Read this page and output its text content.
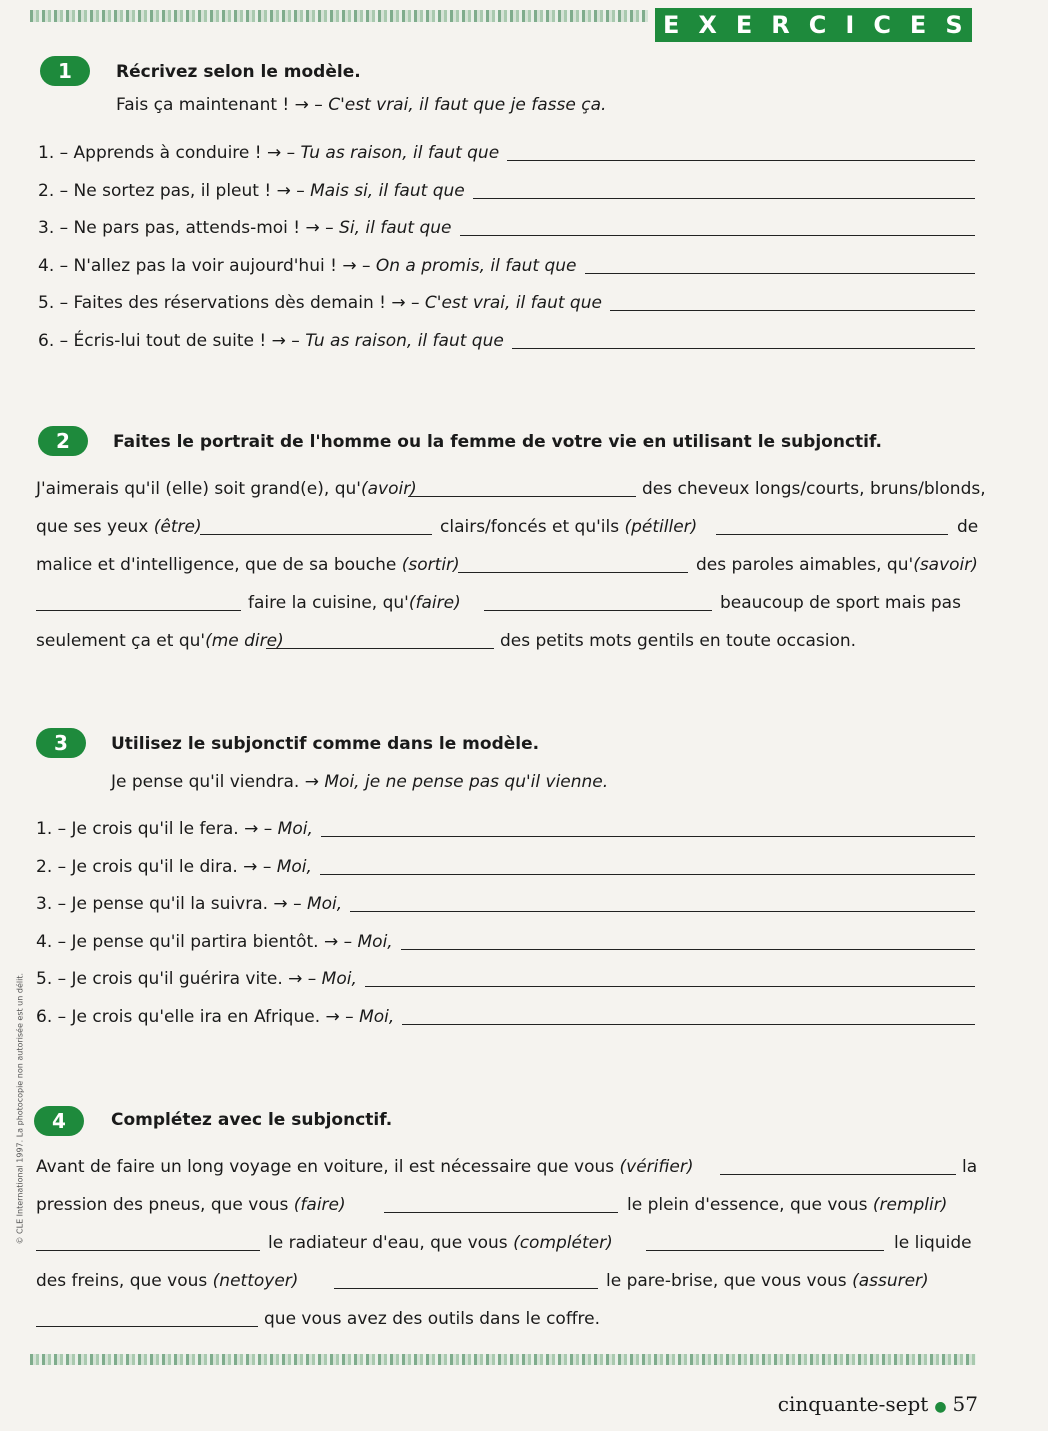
EXERCICES
1	Récrivez selon le modèle.
Fais ça maintenant ! → – C'est vrai, il faut que je fasse ça.
1. – Apprends à conduire ! → – Tu as raison, il faut que
2. – Ne sortez pas, il pleut ! → – Mais si, il faut que
3. – Ne pars pas, attends-moi ! → – Si, il faut que
4. – N'allez pas la voir aujourd'hui ! → – On a promis, il faut que
5. – Faites des réservations dès demain ! → – C'est vrai, il faut que
6. – Écris-lui tout de suite ! → – Tu as raison, il faut que
2	Faites le portrait de l'homme ou la femme de votre vie en utilisant le subjonctif.
J'aimerais qu'il (elle) soit grand(e), qu'(avoir)	des cheveux longs/courts, bruns/blonds,
que ses yeux (être)	clairs/foncés et qu'ils (pétiller)	de
malice et d'intelligence, que de sa bouche (sortir)	des paroles aimables, qu'(savoir)
faire la cuisine, qu'(faire)	beaucoup de sport mais pas
seulement ça et qu'(me dire)	des petits mots gentils en toute occasion.
3	Utilisez le subjonctif comme dans le modèle.
Je pense qu'il viendra. → Moi, je ne pense pas qu'il vienne.
1. – Je crois qu'il le fera. → – Moi,
2. – Je crois qu'il le dira. → – Moi,
3. – Je pense qu'il la suivra. → – Moi,
4. – Je pense qu'il partira bientôt. → – Moi,
5. – Je crois qu'il guérira vite. → – Moi,
6. – Je crois qu'elle ira en Afrique. → – Moi,
4	Complétez avec le subjonctif.
Avant de faire un long voyage en voiture, il est nécessaire que vous (vérifier)	la
pression des pneus, que vous (faire)	le plein d'essence, que vous (remplir)
le radiateur d'eau, que vous (compléter)	le liquide
des freins, que vous (nettoyer)	le pare-brise, que vous vous (assurer)
que vous avez des outils dans le coffre.
cinquante-sept ● 57
© CLE International 1997. La photocopie non autorisée est un délit.
